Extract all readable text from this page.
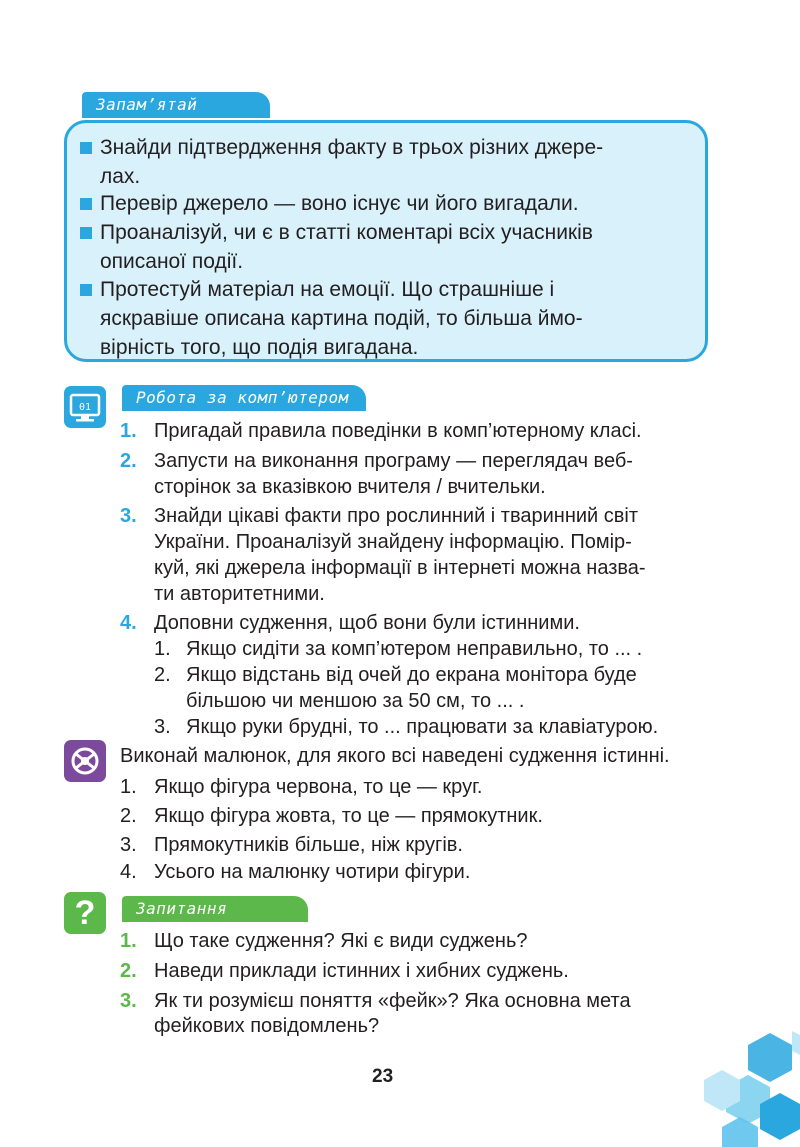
Запам’ятай
Знайди підтвердження факту в трьох різних джере-
лах.
Перевір джерело — воно існує чи його вигадали.
Проаналізуй, чи є в статті коментарі всіх учасників
описаної події.
Протестуй матеріал на емоції. Що страшніше і
яскравіше описана картина подій, то більша ймо-
вірність того, що подія вигадана.
01
Робота за комп’ютером
1. Пригадай правила поведінки в комп’ютерному класі.
2. Запусти на виконання програму — переглядач веб-
сторінок за вказівкою вчителя / вчительки.
3. Знайди цікаві факти про рослинний і тваринний світ
України. Проаналізуй знайдену інформацію. Помір-
куй, які джерела інформації в інтернеті можна назва-
ти авторитетними.
4. Доповни судження, щоб вони були істинними.
1. Якщо сидіти за комп’ютером неправильно, то ... .
2. Якщо відстань від очей до екрана монітора буде
більшою чи меншою за 50 см, то ... .
3. Якщо руки брудні, то ... працювати за клавіатурою.
Виконай малюнок, для якого всі наведені судження істинні.
1. Якщо фігура червона, то це — круг.
2. Якщо фігура жовта, то це — прямокутник.
3. Прямокутників більше, ніж кругів.
4. Усього на малюнку чотири фігури.
?	Запитання
1. Що таке судження? Які є види суджень?
2. Наведи приклади істинних і хибних суджень.
3. Як ти розумієш поняття «фейк»? Яка основна мета
фейкових повідомлень?
23
